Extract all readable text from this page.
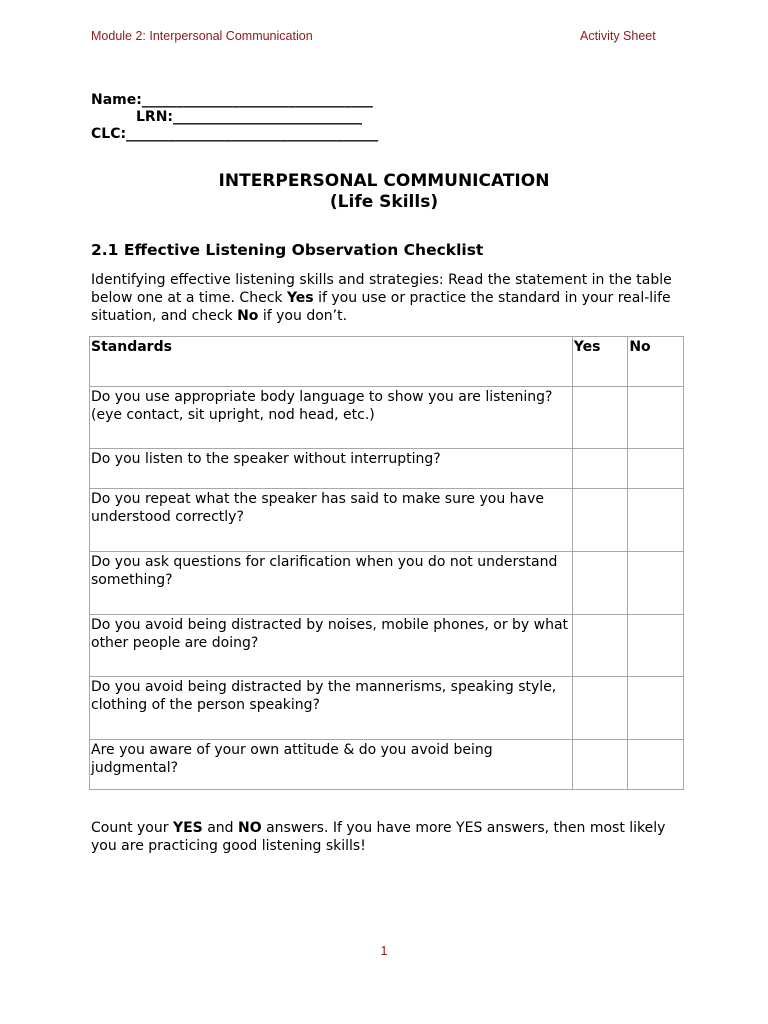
Module 2: Interpersonal Communication	Activity Sheet
Name:_________________________________
LRN:___________________________
CLC:____________________________________
INTERPERSONAL COMMUNICATION
(Life Skills)
2.1 Effective Listening Observation Checklist
Identifying effective listening skills and strategies: Read the statement in the table below one at a time. Check Yes if you use or practice the standard in your real-life situation, and check No if you don’t.
Standards	Yes	No
Do you use appropriate body language to show you are listening? (eye contact, sit upright, nod head, etc.)		
Do you listen to the speaker without interrupting?		
Do you repeat what the speaker has said to make sure you have understood correctly?		
Do you ask questions for clarification when you do not understand something?		
Do you avoid being distracted by noises, mobile phones, or by what other people are doing?		
Do you avoid being distracted by the mannerisms, speaking style, clothing of the person speaking?		
Are you aware of your own attitude & do you avoid being judgmental?		
Count your YES and NO answers. If you have more YES answers, then most likely you are practicing good listening skills!
1
